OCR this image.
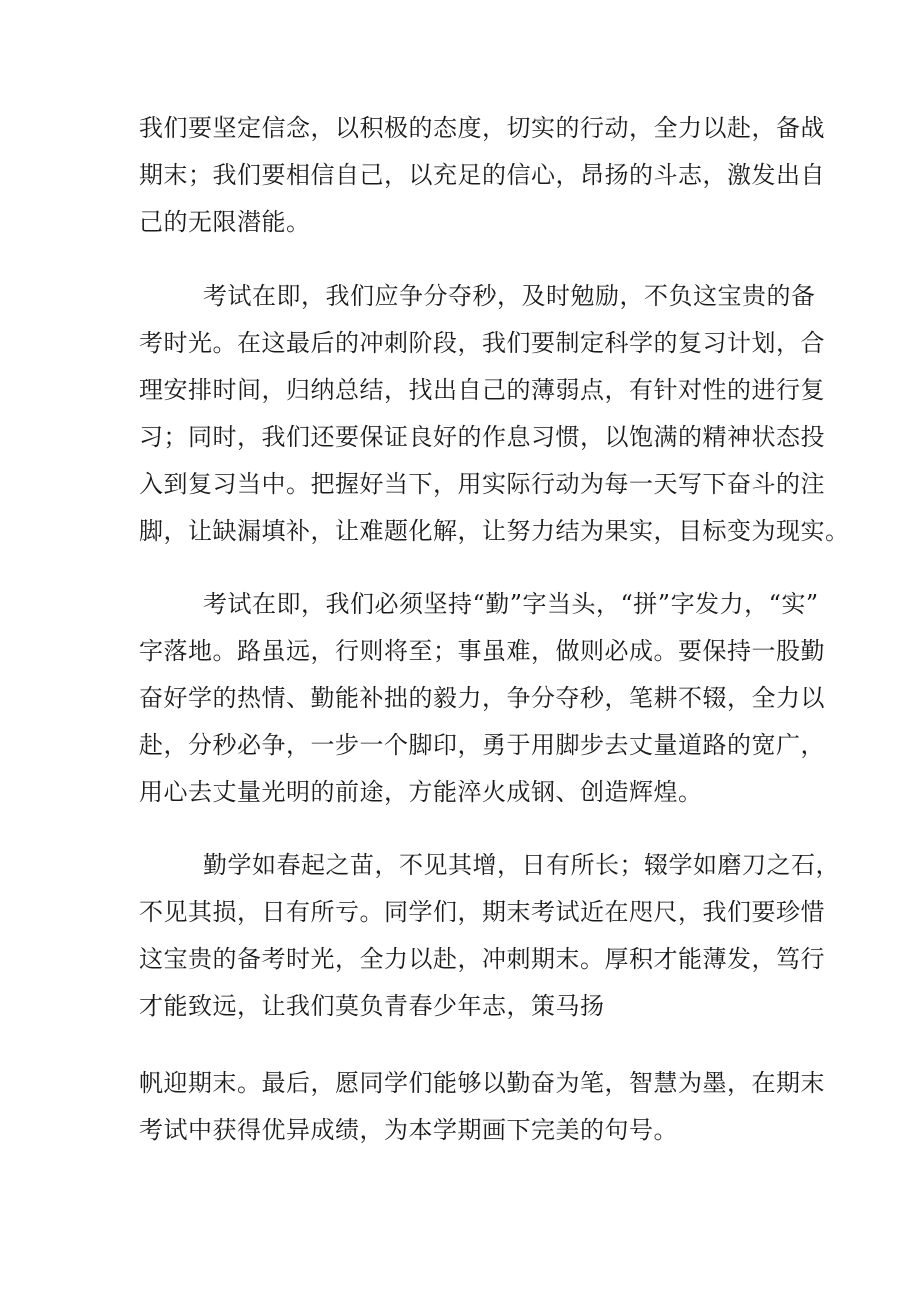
我们要坚定信念，以积极的态度，切实的行动，全力以赴，备战

期末；我们要相信自己，以充足的信心，昂扬的斗志，激发出自

己的无限潜能。

考试在即，我们应争分夺秒，及时勉励，不负这宝贵的备

考时光。在这最后的冲刺阶段，我们要制定科学的复习计划，合

理安排时间，归纳总结，找出自己的薄弱点，有针对性的进行复

习；同时，我们还要保证良好的作息习惯，以饱满的精神状态投

入到复习当中。把握好当下，用实际行动为每一天写下奋斗的注

脚，让缺漏填补，让难题化解，让努力结为果实，目标变为现实。

考试在即，我们必须坚持“勤”字当头，“拼”字发力，“实”

字落地。路虽远，行则将至；事虽难，做则必成。要保持一股勤

奋好学的热情、勤能补拙的毅力，争分夺秒，笔耕不辍，全力以

赴，分秒必争，一步一个脚印，勇于用脚步去丈量道路的宽广，

用心去丈量光明的前途，方能淬火成钢、创造辉煌。

勤学如春起之苗，不见其增，日有所长；辍学如磨刀之石，

不见其损，日有所亏。同学们，期末考试近在咫尺，我们要珍惜

这宝贵的备考时光，全力以赴，冲刺期末。厚积才能薄发，笃行

才能致远，让我们莫负青春少年志，策马扬

帆迎期末。最后，愿同学们能够以勤奋为笔，智慧为墨，在期末

考试中获得优异成绩，为本学期画下完美的句号。
